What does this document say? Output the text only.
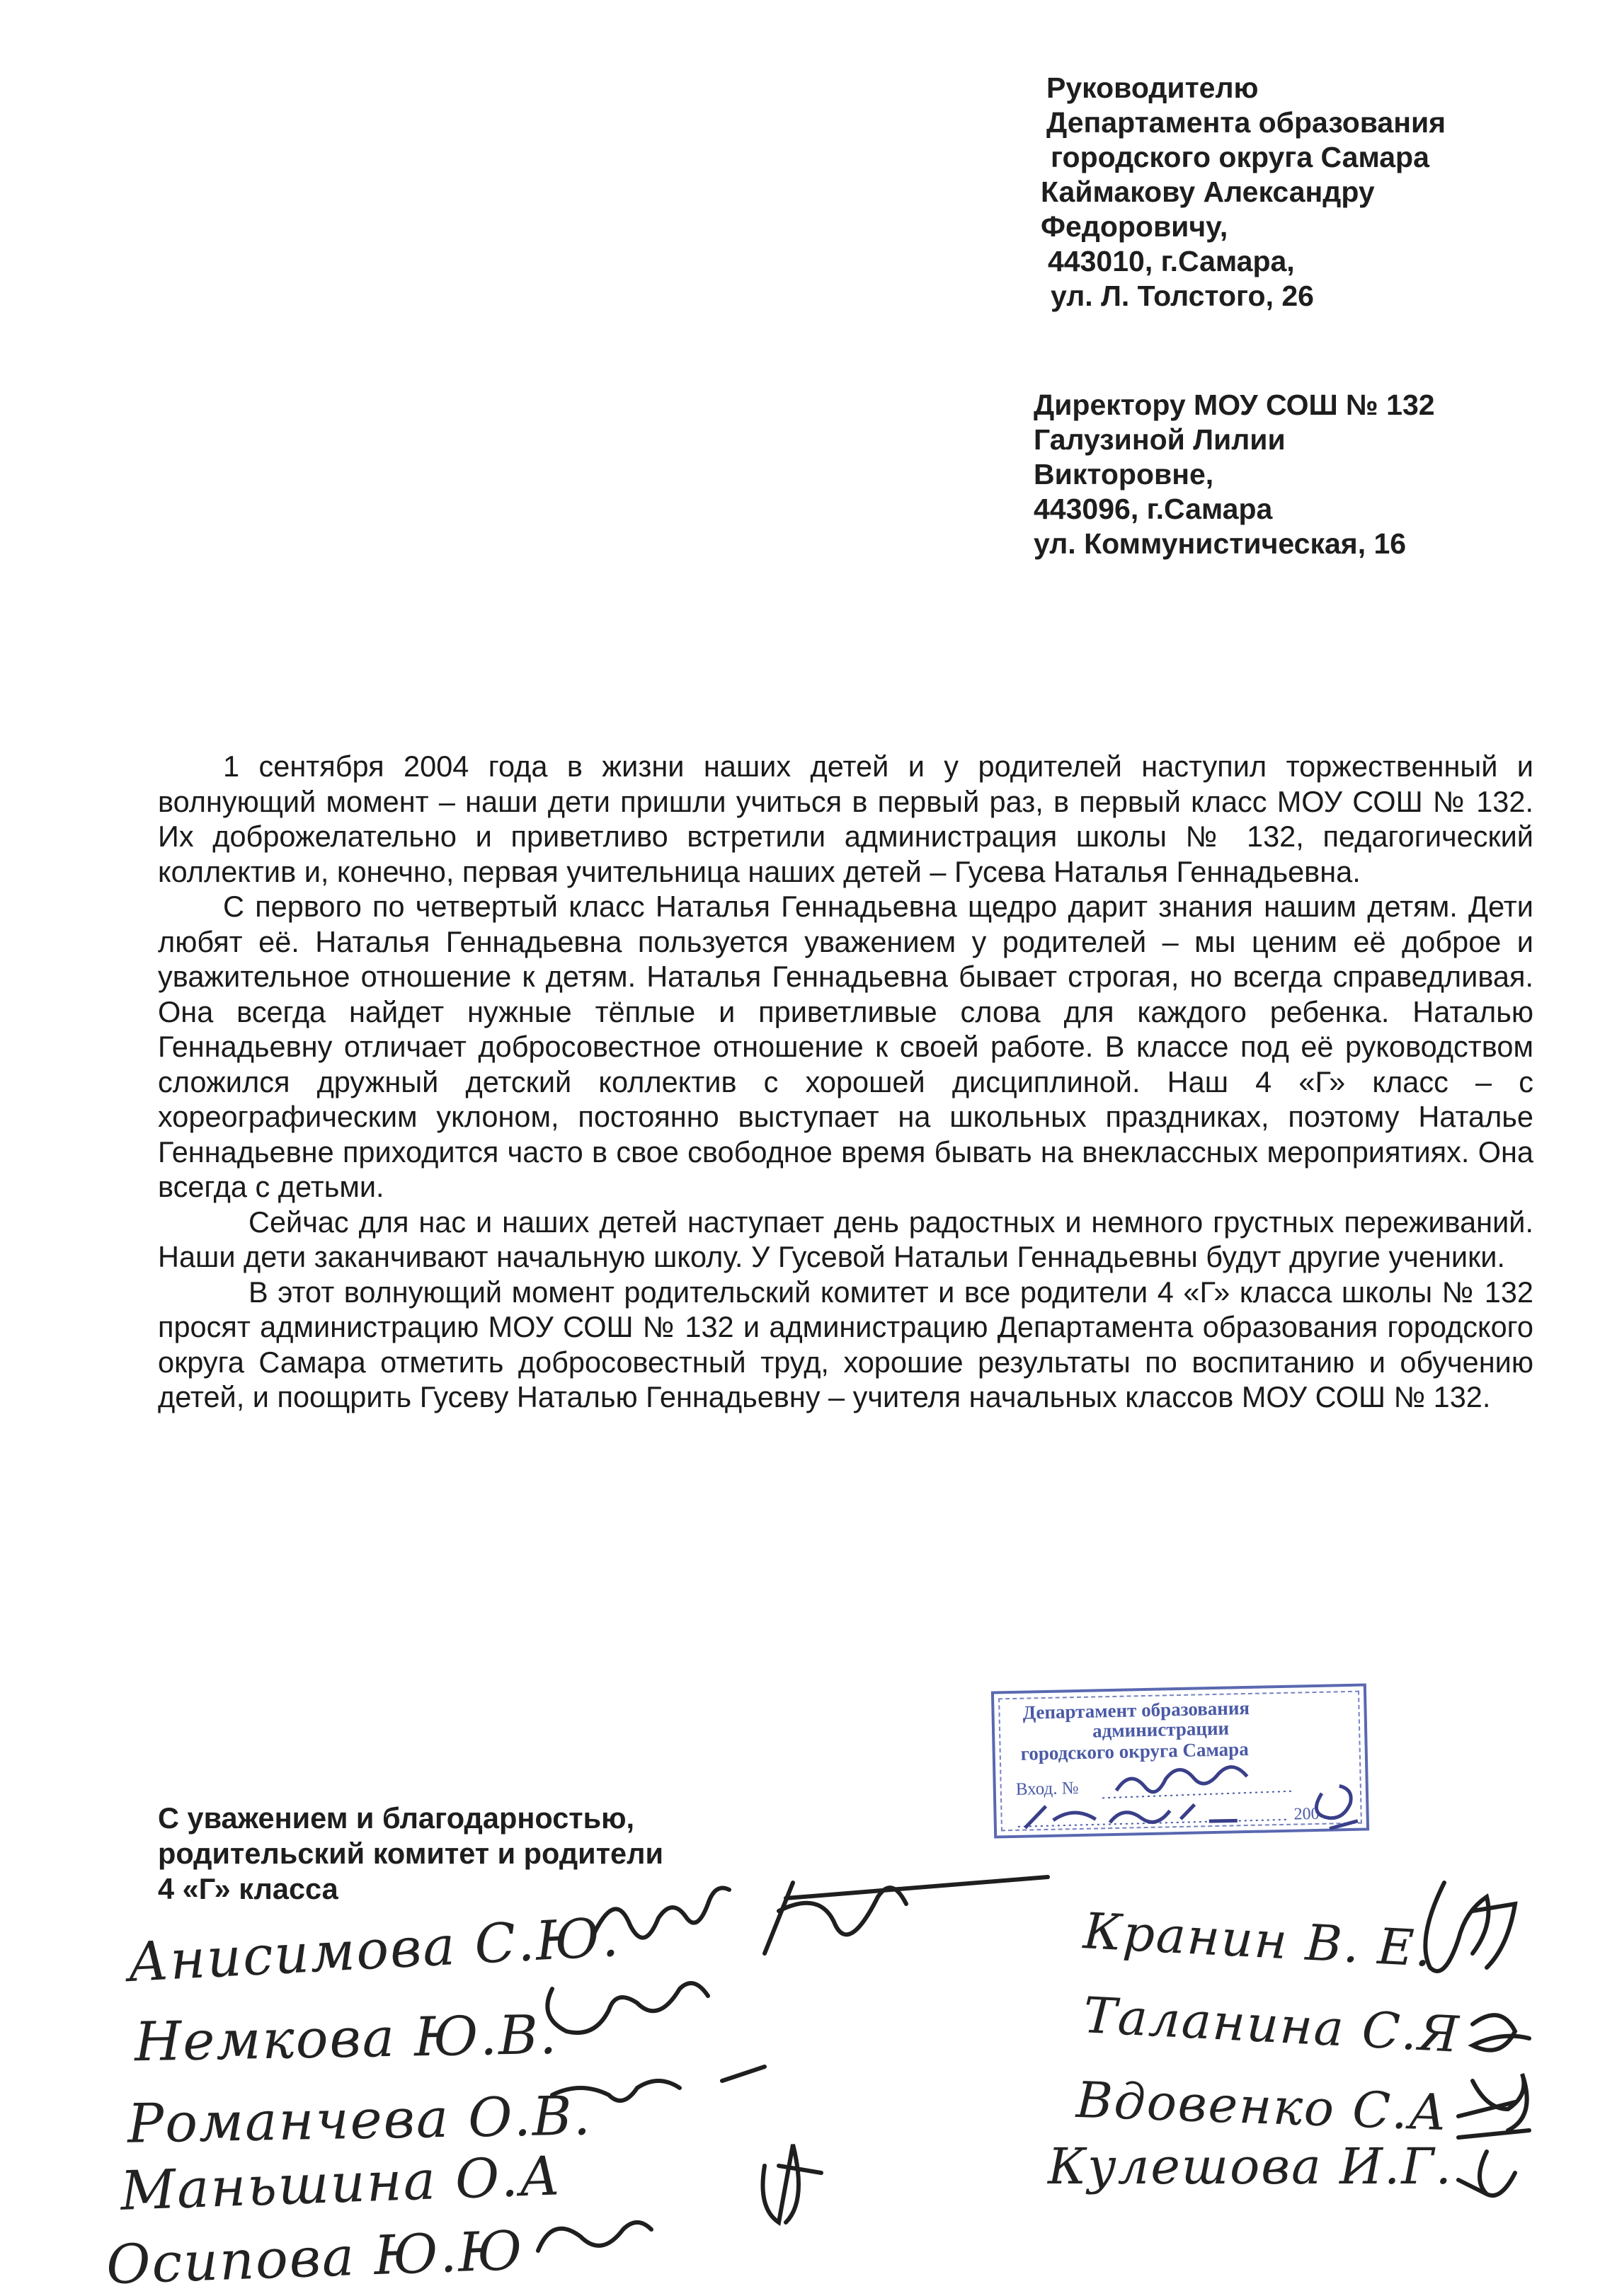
Руководителю
Департамента образования
городского округа Самара
Каймакову Александру
Федоровичу,
443010, г.Самара,
ул. Л. Толстого, 26
Директору МОУ СОШ № 132
Галузиной Лилии
Викторовне,
443096, г.Самара
ул. Коммунистическая, 16

1 сентября 2004 года в жизни наших детей и у родителей наступил торжественный и волнующий момент – наши дети пришли учиться в первый раз, в первый класс МОУ СОШ № 132. Их доброжелательно и приветливо встретили администрация школы № 132, педагогический коллектив и, конечно, первая учительница наших детей – Гусева Наталья Геннадьевна.

С первого по четвертый класс Наталья Геннадьевна щедро дарит знания нашим детям. Дети любят её. Наталья Геннадьевна пользуется уважением у родителей – мы ценим её доброе и уважительное отношение к детям. Наталья Геннадьевна бывает строгая, но всегда справедливая. Она всегда найдет нужные тёплые и приветливые слова для каждого ребенка. Наталью Геннадьевну отличает добросовестное отношение к своей работе. В классе под её руководством сложился дружный детский коллектив с хорошей дисциплиной. Наш 4 «Г» класс – с хореографическим уклоном, постоянно выступает на школьных праздниках, поэтому Наталье Геннадьевне приходится часто в свое свободное время бывать на внеклассных мероприятиях. Она всегда с детьми.

Сейчас для нас и наших детей наступает день радостных и немного грустных переживаний. Наши дети заканчивают начальную школу. У Гусевой Натальи Геннадьевны будут другие ученики.

В этот волнующий момент родительский комитет и все родители 4 «Г» класса школы № 132 просят администрацию МОУ СОШ № 132 и администрацию Департамента образования городского округа Самара отметить добросовестный труд, хорошие результаты по воспитанию и обучению детей, и поощрить Гусеву Наталью Геннадьевну – учителя начальных классов МОУ СОШ № 132.

Департамент образования
администрации
городского округа Самара
Вход. №
200
С уважением и благодарностью,
родительский комитет и родители
4 «Г» класса
Анисимова С.Ю.
Немкова Ю.В.
Романчева О.В.
Маньшина О.А
Осипова Ю.Ю
Кранин В. Е.
Таланина С.Я
Вдовенко С.А
Кулешова И.Г.
